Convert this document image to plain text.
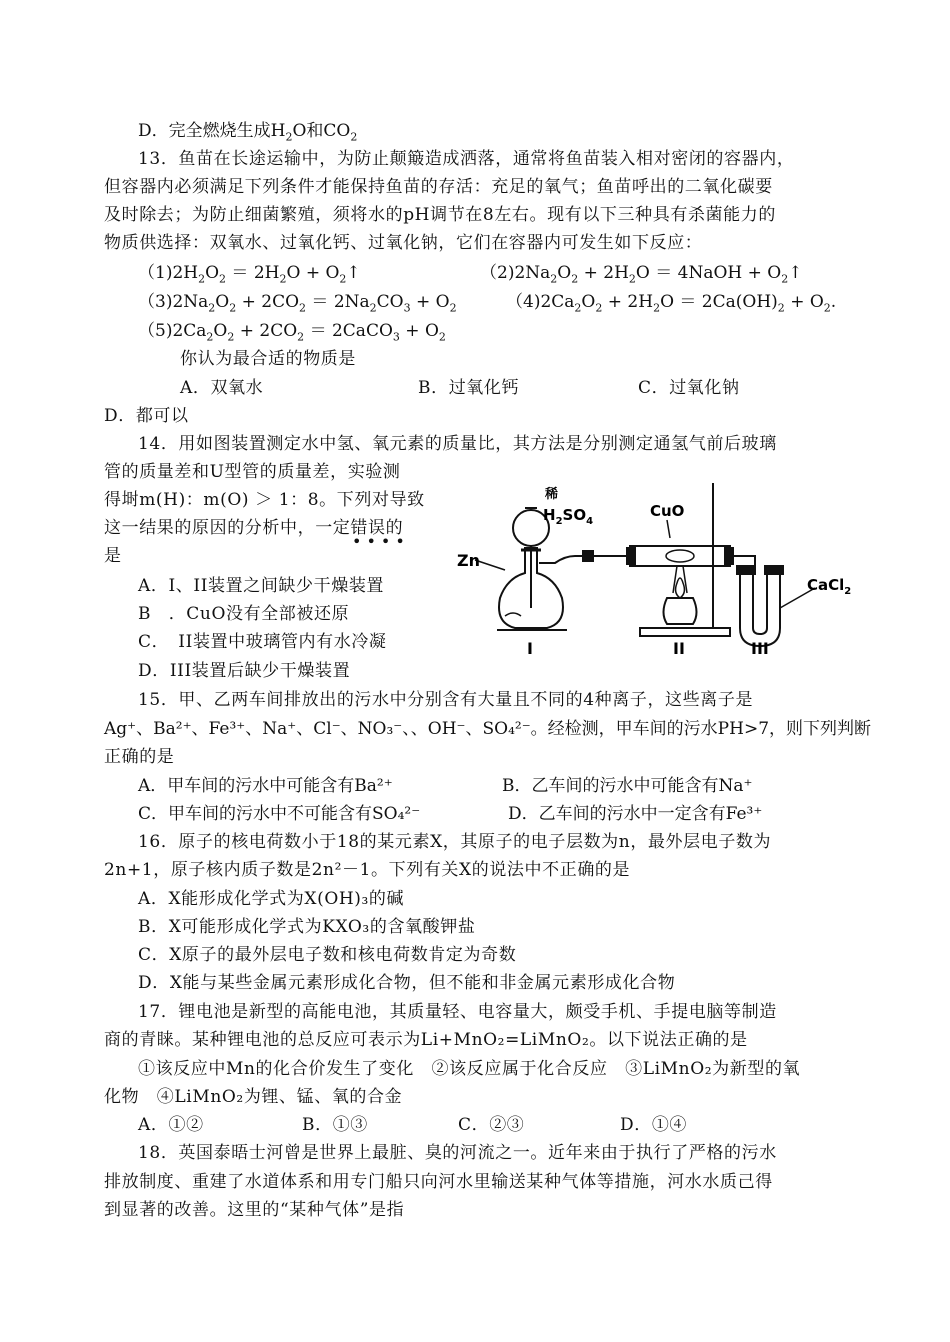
D．完全燃烧生成$H_2O$和$CO_2$
13．鱼苗在长途运输中，为防止颠簸造成洒落，通常将鱼苗装入相对密闭的容器内，
但容器内必须满足下列条件才能保持鱼苗的存活：充足的氧气；鱼苗呼出的二氧化碳要
及时除去；为防止细菌繁殖，须将水的pH调节在8左右。现有以下三种具有杀菌能力的
物质供选择：双氧水、过氧化钙、过氧化钠，它们在容器内可发生如下反应：
$(1)2H_2O_2 = 2H_2O$ + $O_2↑$	$(2)2Na_2O_2 + 2H_2O$ ＝ 4NaOH + $O_2↑$
$(3)2Na_2O_2 + 2CO_2 = 2Na_2CO_3 + O_2$	$(4)2Ca_2O_2 + 2H_2O = 2Ca(OH)_2 + O_2$.
$(5)2Ca_2O_2 + 2CO_2$ ＝ 2CaCO$_3$ + $O_2$
你认为最合适的物质是
A．双氧水	B．过氧化钙	C．过氧化钠
D．都可以
14．用如图装置测定水中氢、氧元素的质量比，其方法是分别测定通氢气前后玻璃
管的质量差和U型管的质量差，实验测
得埘m(H)：m(O) ＞ 1：8。下列对导致
这一结果的原因的分析中，一定错误的
••••
是
A．I、II装置之间缺少干燥装置
B　．CuO没有全部被还原
C．　II装置中玻璃管内有水冷凝
D．III装置后缺少干燥装置
稀
$H_2SO_4$
CuO
Zn
CaCl$_2$
I	II	III
15．甲、乙两车间排放出的污水中分别含有大量且不同的4种离子，这些离子是
Ag⁺、Ba²⁺、Fe³⁺、Na⁺、Cl⁻、NO₃⁻、、OH⁻、SO₄²⁻。经检测，甲车间的污水PH>7，则下列判断
正确的是
A．甲车间的污水中可能含有Ba²⁺	B．乙车间的污水中可能含有Na⁺
C．甲车间的污水中不可能含有SO₄²⁻	D．乙车间的污水中一定含有Fe³⁺
16．原子的核电荷数小于18的某元素X，其原子的电子层数为n，最外层电子数为
2n+1，原子核内质子数是2n²－1。下列有关X的说法中不正确的是
A．X能形成化学式为X(OH)₃的碱
B．X可能形成化学式为KXO₃的含氧酸钾盐
C．X原子的最外层电子数和核电荷数肯定为奇数
D．X能与某些金属元素形成化合物，但不能和非金属元素形成化合物
17．锂电池是新型的高能电池，其质量轻、电容量大，颇受手机、手提电脑等制造
商的青睐。某种锂电池的总反应可表示为Li+MnO₂=LiMnO₂。以下说法正确的是
①该反应中Mn的化合价发生了变化　②该反应属于化合反应　③LiMnO₂为新型的氧
化物　④LiMnO₂为锂、锰、氧的合金
A．①②	B．①③	C．②③	D．①④
18．英国泰晤士河曾是世界上最脏、臭的河流之一。近年来由于执行了严格的污水
排放制度、重建了水道体系和用专门船只向河水里输送某种气体等措施，河水水质己得
到显著的改善。这里的“某种气体”是指
